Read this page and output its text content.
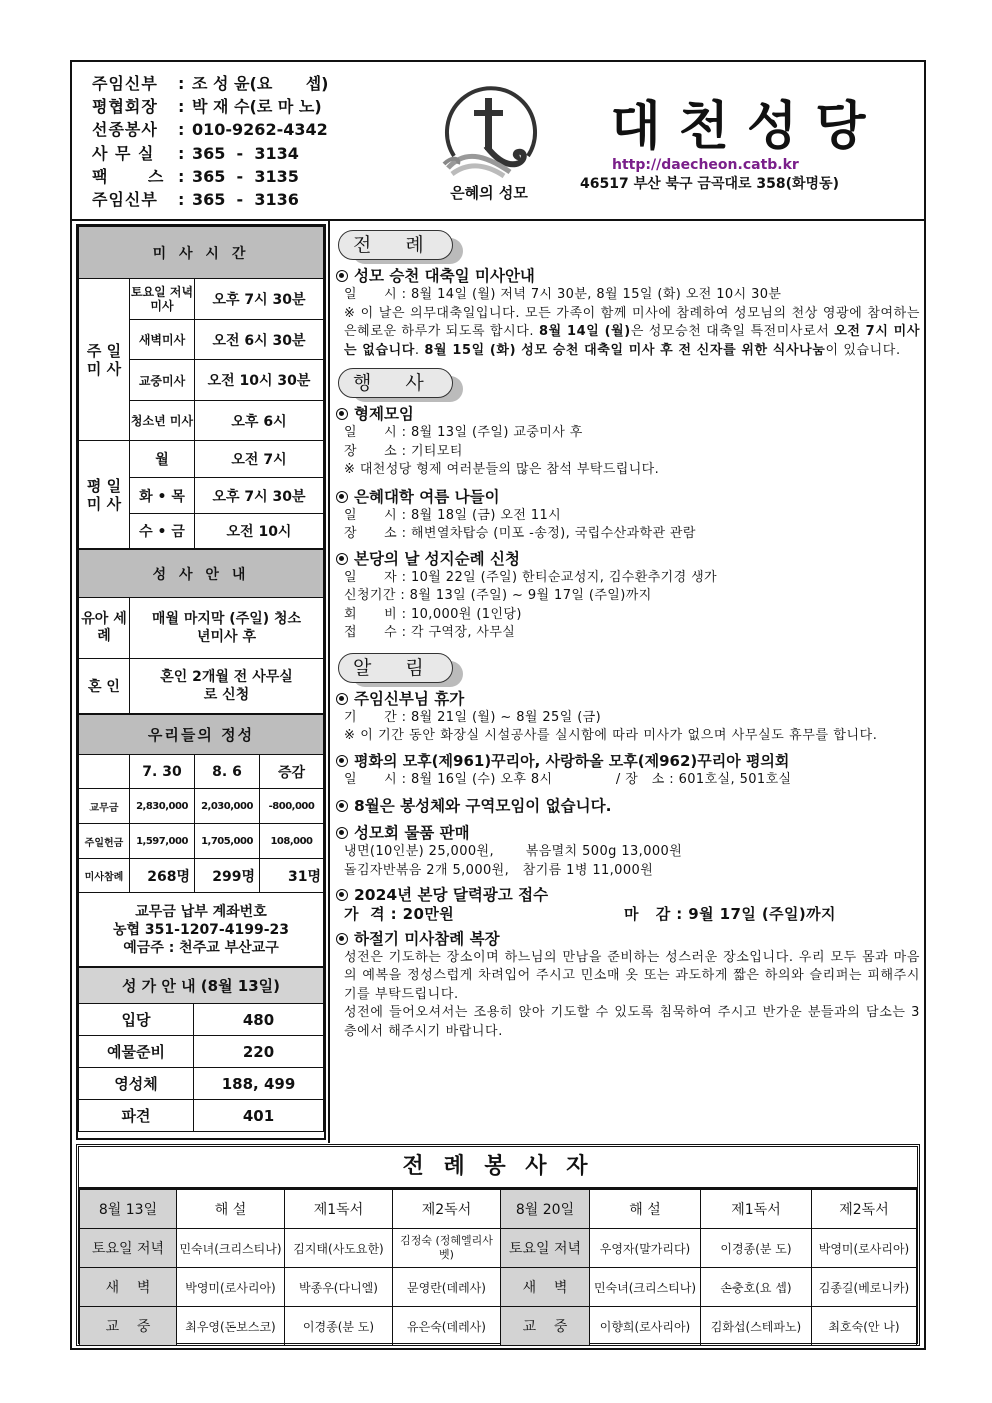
주임신부	: 조 성 윤(요      셉)
평협회장	: 박 재 수(로 마 노)
선종봉사	: 010-9262-4342
사 무 실	: 365  -  3134
팩      스 : 365  -  3135
주임신부	: 365  -  3136	은혜의 성모
대천성당
http://daecheon.catb.kr
46517 부산 북구 금곡대로 358(화명동)
미 사 시 간		
주 일 미 사	토요일 저녁미사	오후 7시 30분
	새벽미사	오전 6시 30분
	교중미사	오전 10시 30분
	청소년 미사	오후 6시
평 일 미 사	월	오전 7시
	화 • 목	오후 7시 30분
	수 • 금	오전 10시
성 사 안 내	
유아 세례	매월 마지막 (주일) 청소년미사 후
혼 인	혼인 2개월 전 사무실로 신청
우리들의 정성			
	7. 30	8. 6	증감
교무금	2,830,000	2,030,000	-800,000
주일헌금	1,597,000	1,705,000	108,000
미사참례	268명	299명	31명

교무금 납부 계좌번호
농협 351-1207-4199-23
예금주 : 천주교 부산교구			
성 가 안 내 (8월 13일)	
입당	480
예물준비	220
영성체	188, 499
파견	401
전 례
성모 승천 대축일 미사안내
일      시 : 8월 14일 (월) 저녁 7시 30분, 8월 15일 (화) 오전 10시 30분
※ 이 날은 의무대축일입니다. 모든 가족이 함께 미사에 참례하여 성모님의 천상 영광에 참여하는 은혜로운 하루가 되도록 합시다. 8월 14일 (월)은 성모승천 대축일 특전미사로서 오전 7시 미사는 없습니다. 8월 15일 (화) 성모 승천 대축일 미사 후 전 신자를 위한 식사나눔이 있습니다.
행 사
형제모임
일      시 : 8월 13일 (주일) 교중미사 후
장      소 : 기티모티
※ 대천성당 형제 여러분들의 많은 참석 부탁드립니다.
은혜대학 여름 나들이
일      시 : 8월 18일 (금) 오전 11시
장      소 : 해변열차탑승 (미포 -송정), 국립수산과학관 관람
본당의 날 성지순례 신청
일      자 : 10월 22일 (주일) 한티순교성지, 김수환추기경 생가
신청기간 : 8월 13일 (주일) ~ 9월 17일 (주일)까지
회      비 : 10,000원 (1인당)
접      수 : 각 구역장, 사무실
알 림
주임신부님 휴가
기      간 : 8월 21일 (월) ~ 8월 25일 (금)
※ 이 기간 동안 화장실 시설공사를 실시함에 따라 미사가 없으며 사무실도 휴무를 합니다.
평화의 모후(제961)꾸리아, 사랑하올 모후(제962)꾸리아 평의회
일      시 : 8월 16일 (수) 오후 8시              / 장   소 : 601호실, 501호실
8월은 봉성체와 구역모임이 없습니다.
성모회 물품 판매
냉면(10인분) 25,000원,       볶음멸치 500g 13,000원
돌김자반볶음 2개 5,000원,   참기름 1병 11,000원
2024년 본당 달력광고 접수
가  격 : 20만원	마   감 : 9월 17일 (주일)까지
하절기 미사참례 복장
성전은 기도하는 장소이며 하느님의 만남을 준비하는 성스러운 장소입니다. 우리 모두 몸과 마음의 예복을 정성스럽게 차려입어 주시고 민소매 옷 또는 과도하게 짧은 하의와 슬리퍼는 피해주시기를 부탁드립니다.
성전에 들어오셔서는 조용히 앉아 기도할 수 있도록 침묵하여 주시고 반가운 분들과의 담소는 3층에서 해주시기 바랍니다.
전 례 봉 사 자
8월 13일	해 설	제1독서	제2독서	8월 20일	해 설	제1독서	제2독서
토요일 저녁	민숙녀(크리스티나)	김지태(사도요한)	김정숙 (정혜엘리사벳)	토요일 저녁	우영자(말가리다)	이경종(분 도)	박영미(로사리아)
새    벽	박영미(로사리아)	박종우(다니엘)	문영란(데레사)	새    벽	민숙녀(크리스티나)	손충호(요 셉)	김종길(베로니카)
교    중	최우영(돈보스코)	이경종(분 도)	유은숙(데레사)	교    중	이향희(로사리아)	김화섭(스테파노)	최호숙(안 나)
